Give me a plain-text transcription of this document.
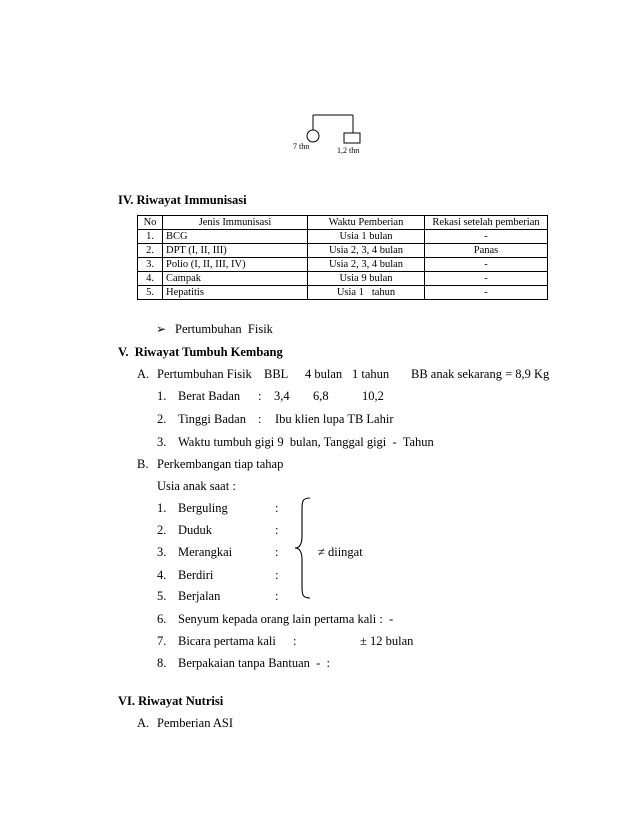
7 thn	1,2 thn
IV. Riwayat Immunisasi
No	Jenis Immunisasi	Waktu Pemberian	Rekasi setelah pemberian
1.	BCG	Usia 1 bulan	-
2.	DPT (I, II, III)	Usia 2, 3, 4 bulan	Panas
3.	Polio (I, II, III, IV)	Usia 2, 3, 4 bulan	-
4.	Campak	Usia 9 bulan	-
5.	Hepatitis	Usia 1   tahun	-
➢ Pertumbuhan  Fisik
V.  Riwayat Tumbuh Kembang
A. Pertumbuhan Fisik BBL 4 bulan 1 tahun BB anak sekarang = 8,9 Kg
1. Berat Badan : 3,4 6,8	10,2
2. Tinggi Badan : Ibu klien lupa TB Lahir
3. Waktu tumbuh gigi 9  bulan, Tanggal gigi  -  Tahun
B. Perkembangan tiap tahap
Usia anak saat :
1. Berguling	:
2. Duduk	:
3. Merangkai	:
4. Berdiri	:
5. Berjalan	:
≠ diingat
6. Senyum kepada orang lain pertama kali :  -
7. Bicara pertama kali :	± 12 bulan
8. Berpakaian tanpa Bantuan  -  :
VI. Riwayat Nutrisi
A. Pemberian ASI
